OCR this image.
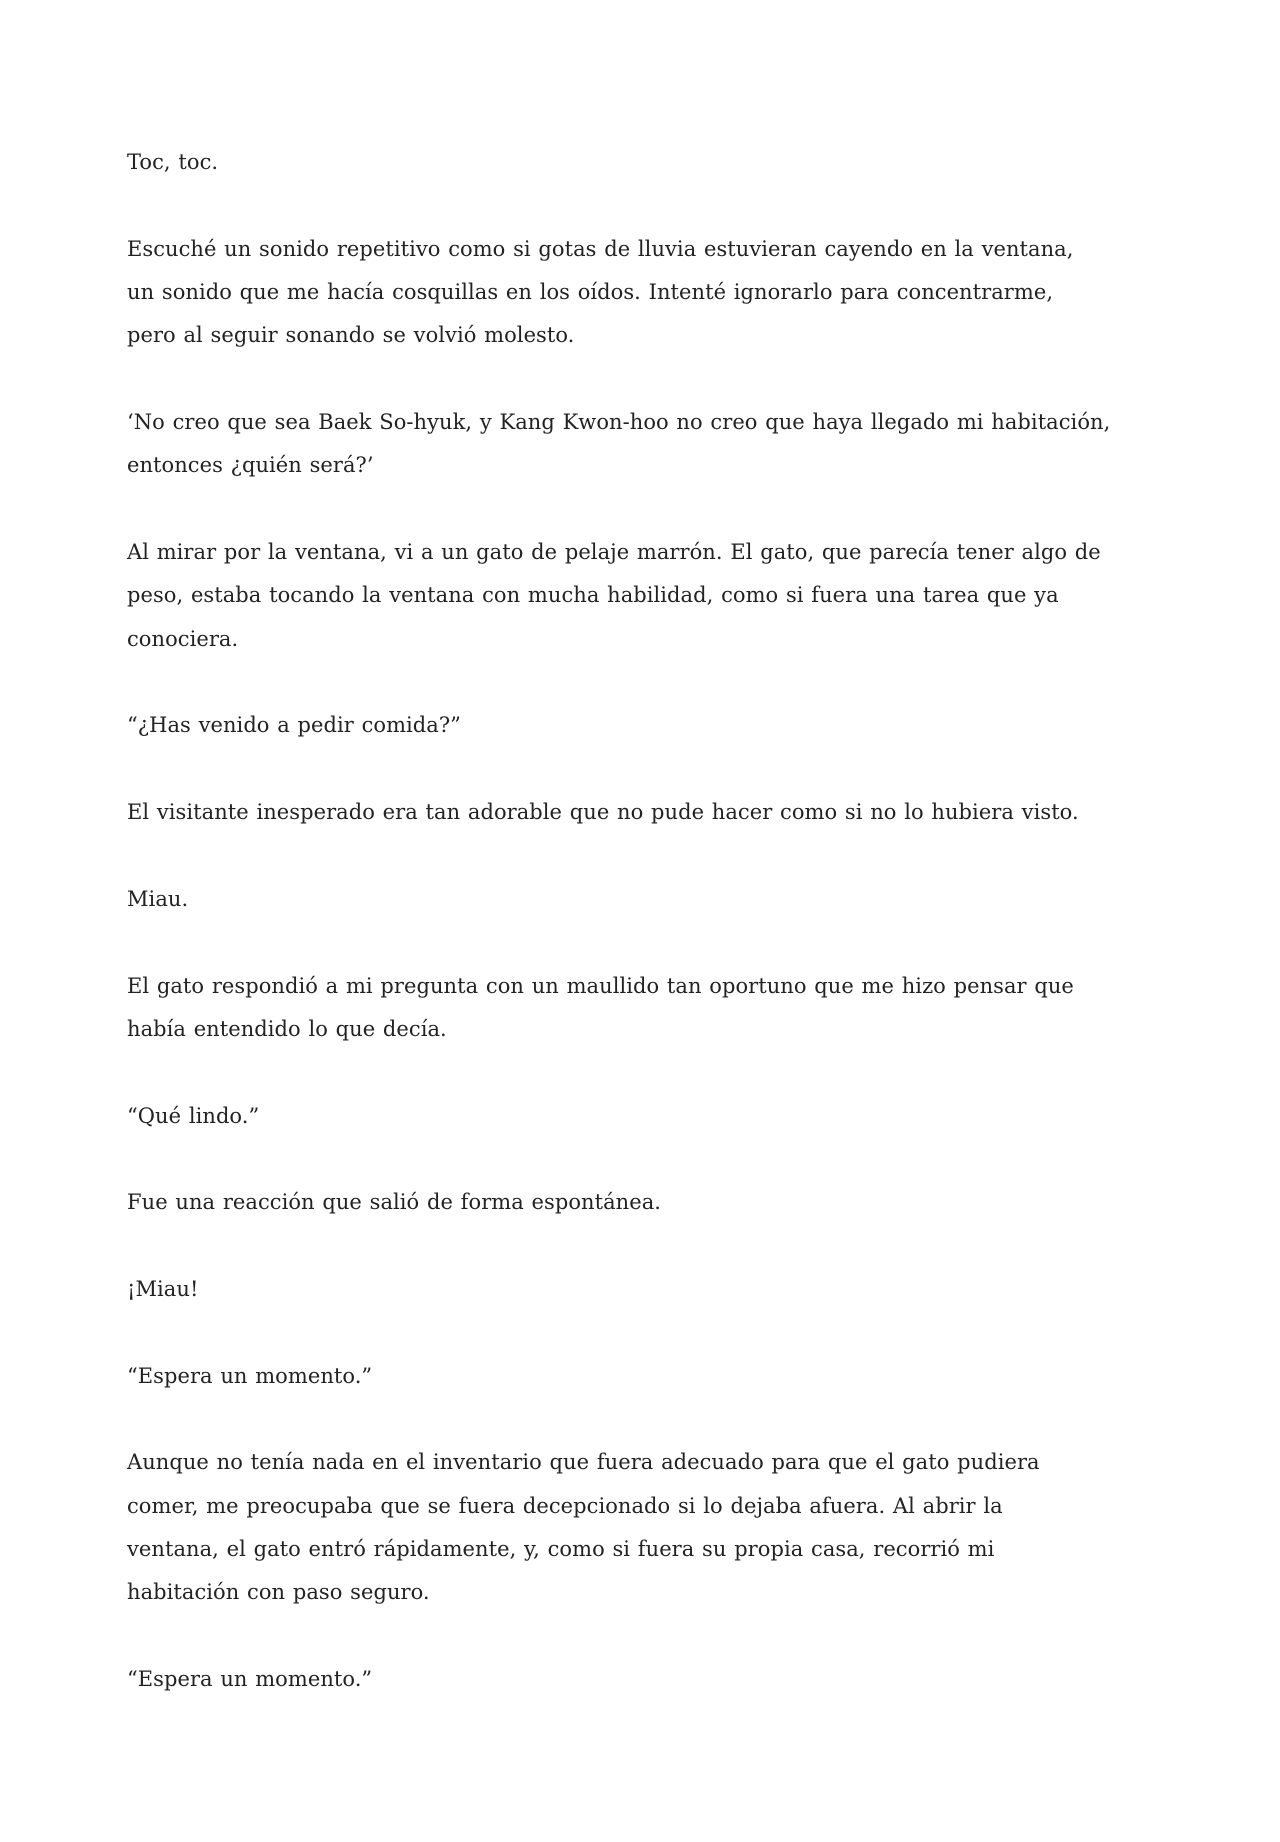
Toc, toc.

Escuché un sonido repetitivo como si gotas de lluvia estuvieran cayendo en la ventana,
un sonido que me hacía cosquillas en los oídos. Intenté ignorarlo para concentrarme,
pero al seguir sonando se volvió molesto.

‘No creo que sea Baek So-hyuk, y Kang Kwon-hoo no creo que haya llegado mi habitación,
entonces ¿quién será?’

Al mirar por la ventana, vi a un gato de pelaje marrón. El gato, que parecía tener algo de
peso, estaba tocando la ventana con mucha habilidad, como si fuera una tarea que ya
conociera.

“¿Has venido a pedir comida?”

El visitante inesperado era tan adorable que no pude hacer como si no lo hubiera visto.

Miau.

El gato respondió a mi pregunta con un maullido tan oportuno que me hizo pensar que
había entendido lo que decía.

“Qué lindo.”

Fue una reacción que salió de forma espontánea.

¡Miau!

“Espera un momento.”

Aunque no tenía nada en el inventario que fuera adecuado para que el gato pudiera
comer, me preocupaba que se fuera decepcionado si lo dejaba afuera. Al abrir la
ventana, el gato entró rápidamente, y, como si fuera su propia casa, recorrió mi
habitación con paso seguro.

“Espera un momento.”
